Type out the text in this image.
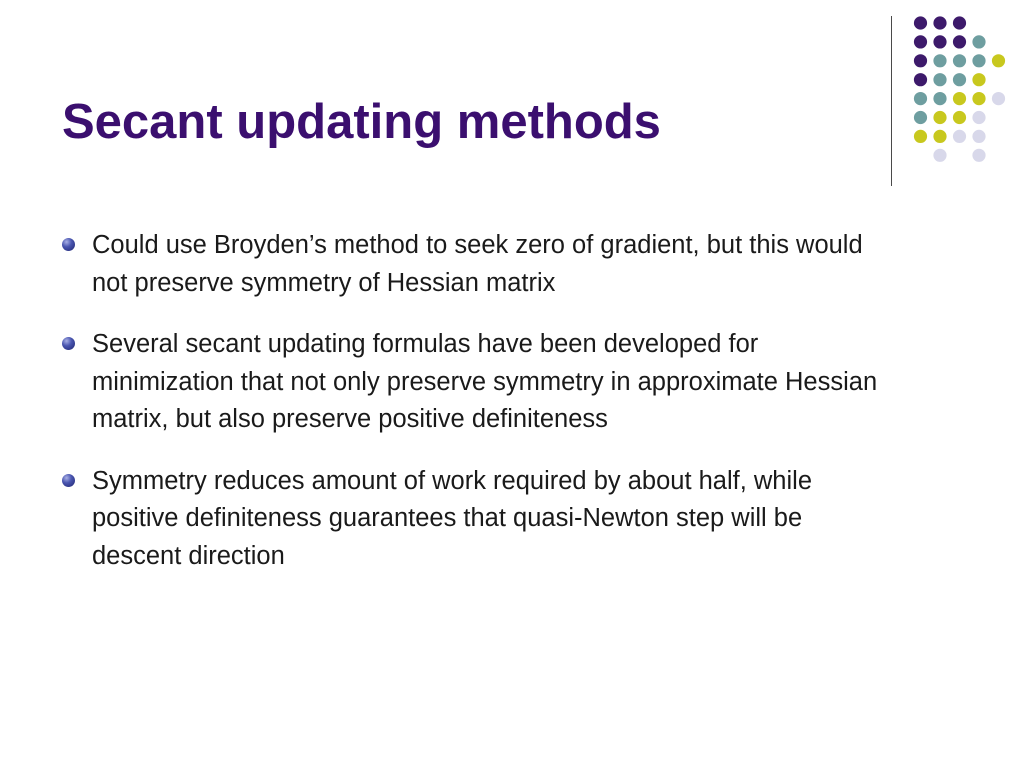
Secant updating methods
Could use Broyden’s method to seek zero of gradient, but this would not preserve symmetry of Hessian matrix
Several secant updating formulas have been developed for minimization that not only preserve symmetry in approximate Hessian matrix, but also preserve positive definiteness
Symmetry reduces amount of work required by about half, while positive definiteness guarantees that quasi-Newton step will be descent direction
